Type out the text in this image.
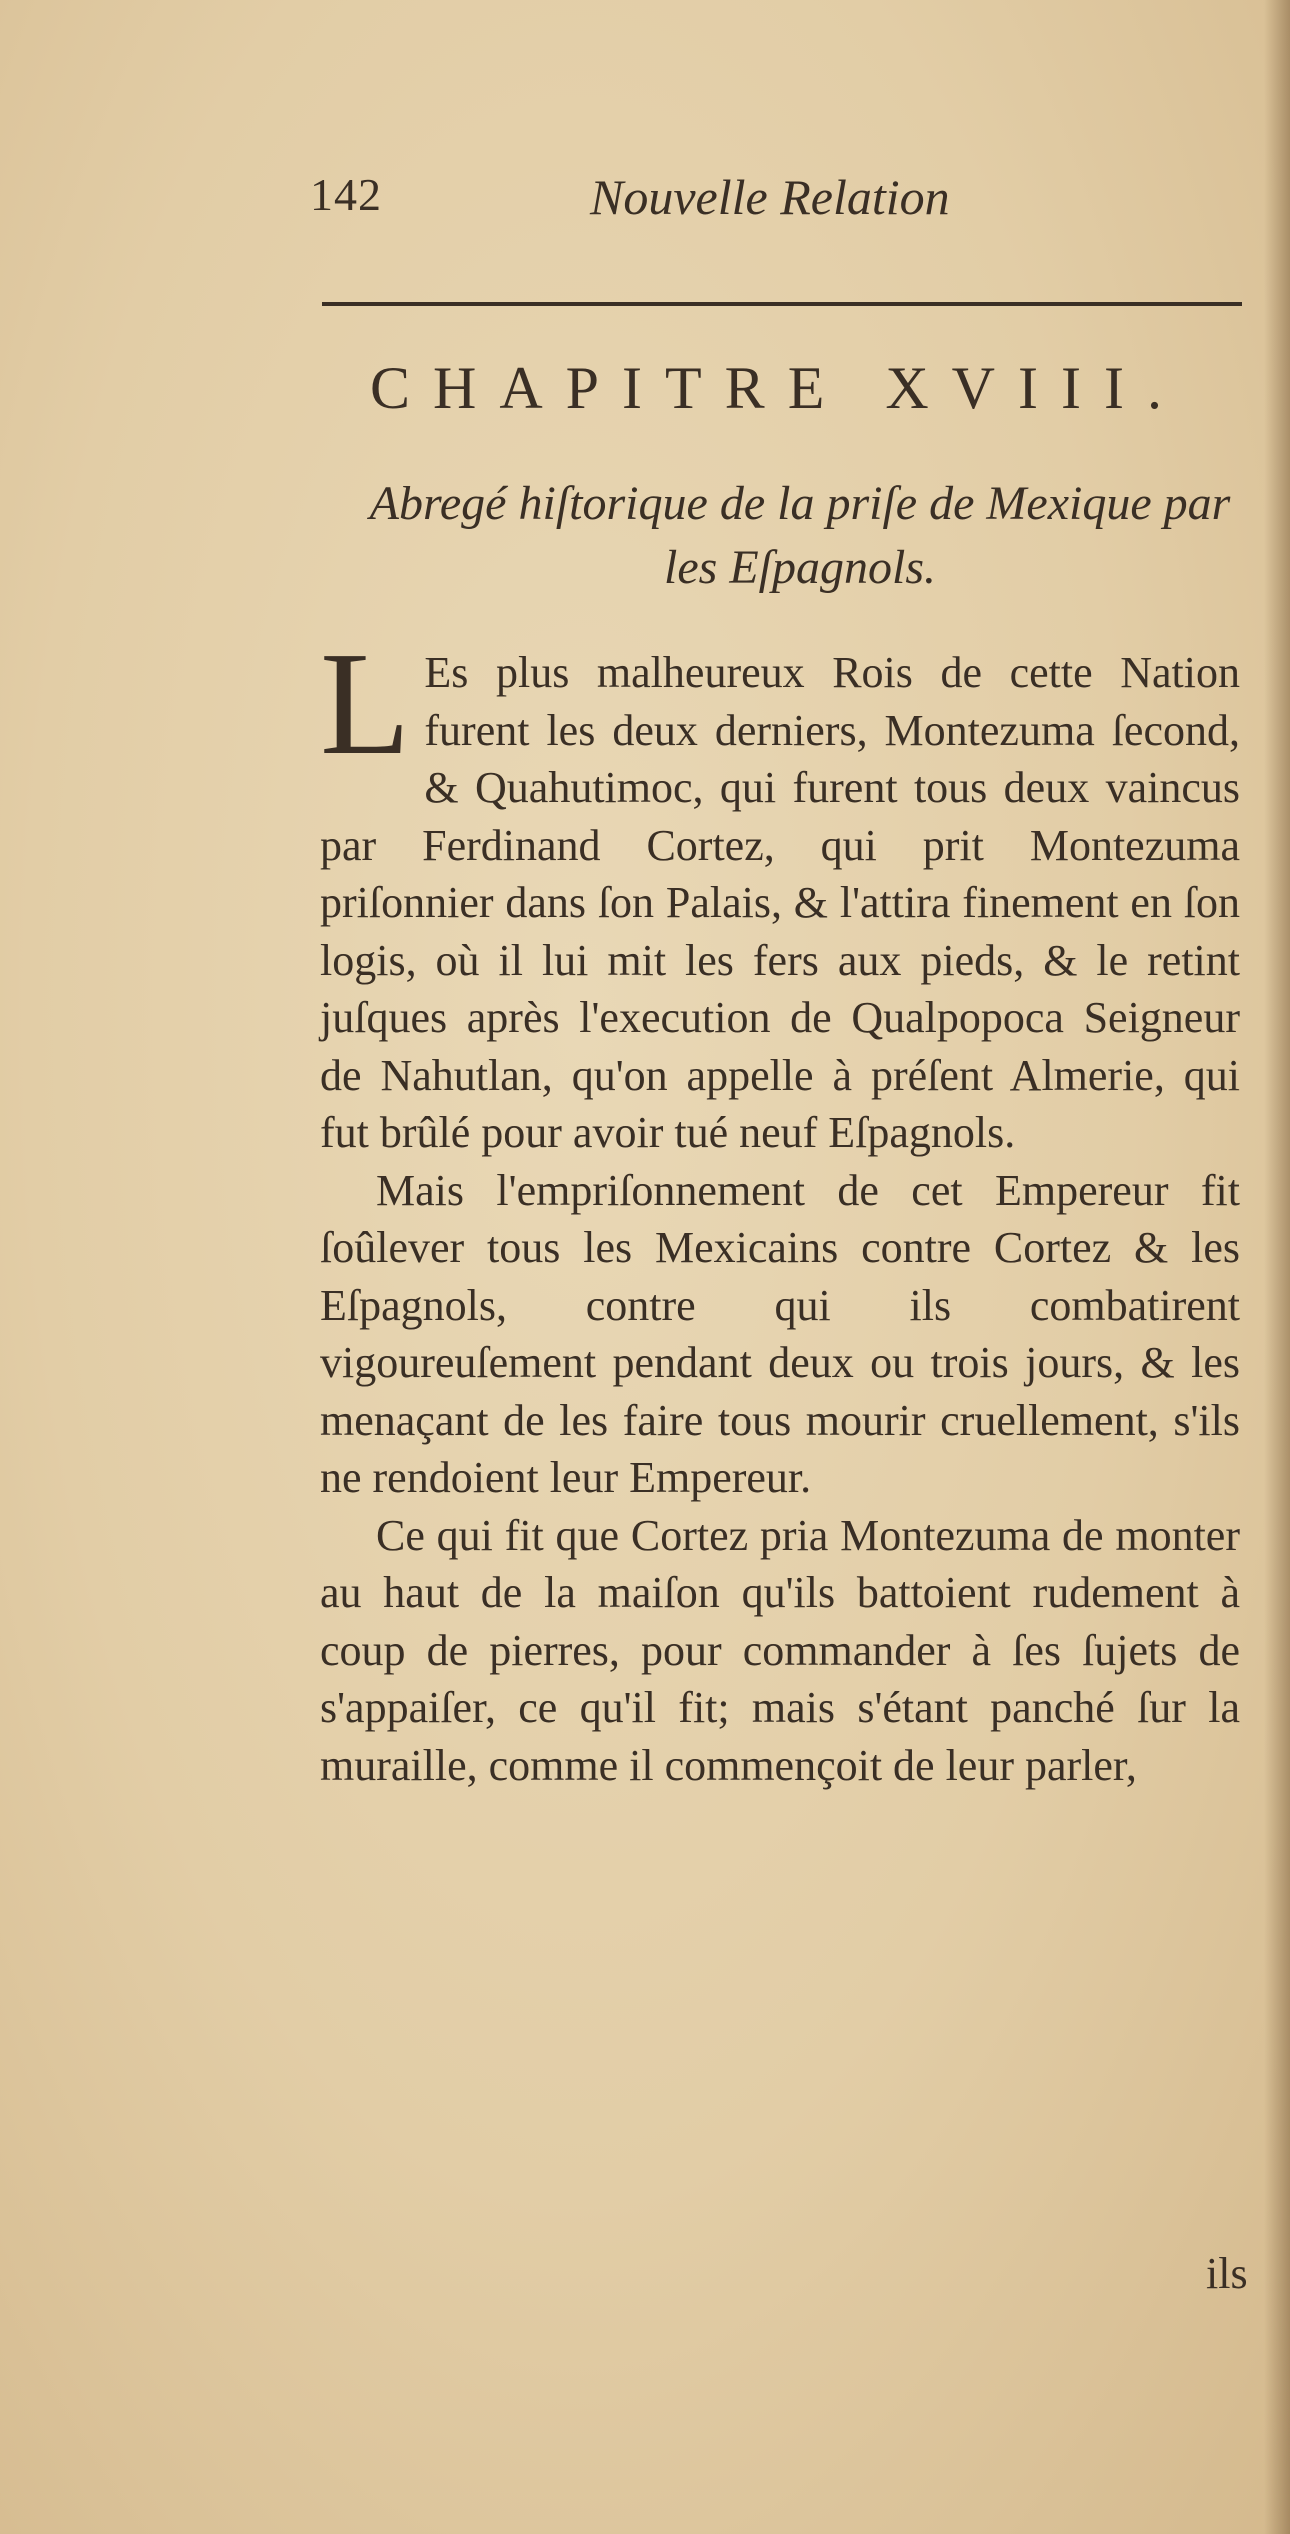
142	Nouvelle Relation
CHAPITRE XVIII.
Abregé hiſtorique de la priſe de Mexique par les Eſpagnols.

L Es plus malheureux Rois de cette Nation furent les deux derniers, Montezuma ſecond, & Quahutimoc, qui furent tous deux vaincus par Ferdinand Cortez, qui prit Montezuma priſonnier dans ſon Palais, & l'attira finement en ſon logis, où il lui mit les fers aux pieds, & le retint juſques après l'execution de Qualpopoca Seigneur de Nahutlan, qu'on appelle à préſent Almerie, qui fut brûlé pour avoir tué neuf Eſpagnols.

Mais l'empriſonnement de cet Empereur fit ſoûlever tous les Mexicains contre Cortez & les Eſpagnols, contre qui ils combatirent vigoureuſement pendant deux ou trois jours, & les menaçant de les faire tous mourir cruellement, s'ils ne rendoient leur Empereur.

Ce qui fit que Cortez pria Montezuma de monter au haut de la maiſon qu'ils battoient rudement à coup de pierres, pour commander à ſes ſujets de s'appaiſer, ce qu'il fit; mais s'étant panché ſur la muraille, comme il commençoit de leur parler,

ils
